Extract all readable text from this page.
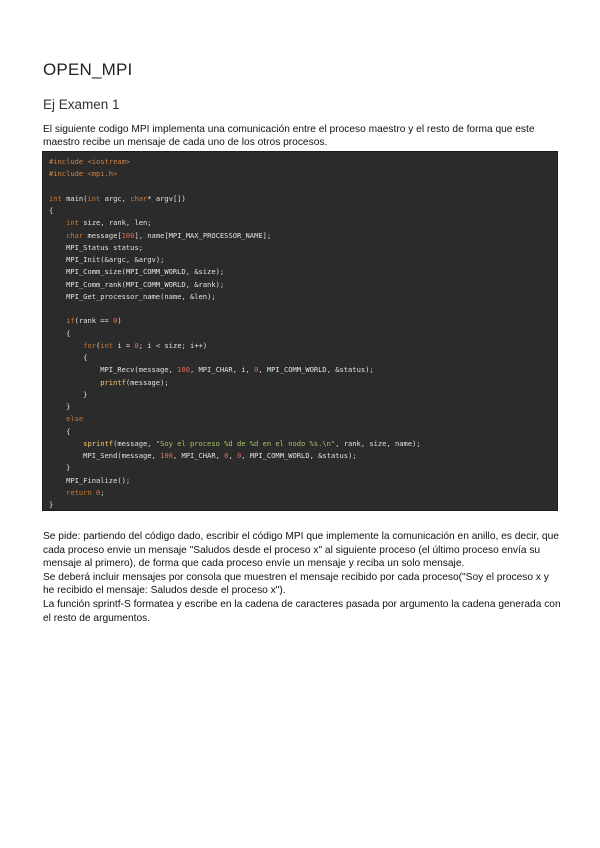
OPEN_MPI
Ej Examen 1
El siguiente codigo MPI implementa una comunicación entre el proceso maestro y el resto de forma que este maestro recibe un mensaje de cada uno de los otros procesos.
#include <iostream>
#include <mpi.h>

int main(int argc, char* argv[])
{
int size, rank, len;
char message[100], name[MPI_MAX_PROCESSOR_NAME];
MPI_Status status;
MPI_Init(&argc, &argv);
MPI_Comm_size(MPI_COMM_WORLD, &size);
MPI_Comm_rank(MPI_COMM_WORLD, &rank);
MPI_Get_processor_name(name, &len);

if(rank == 0)
{
for(int i = 0; i < size; i++)
{
MPI_Recv(message, 100, MPI_CHAR, i, 0, MPI_COMM_WORLD, &status);
printf(message);
}
}
else
{
sprintf(message, "Soy el proceso %d de %d en el nodo %s.\n", rank, size, name);
MPI_Send(message, 100, MPI_CHAR, 0, 0, MPI_COMM_WORLD, &status);
}
MPI_Finalize();
return 0;
}

Se pide: partiendo del código dado, escribir el código MPI que implemente la comunicación en anillo, es decir, que cada proceso envie un mensaje "Saludos desde el proceso x" al siguiente proceso (el último proceso envía su mensaje al primero), de forma que cada proceso envíe un mensaje y reciba un solo mensaje.

Se deberá incluir mensajes por consola que muestren el mensaje recibido por cada proceso("Soy el proceso x y he recibido el mensaje: Saludos desde el proceso x").

La función sprintf-S formatea y escribe en la cadena de caracteres pasada por argumento la cadena generada con el resto de argumentos.
